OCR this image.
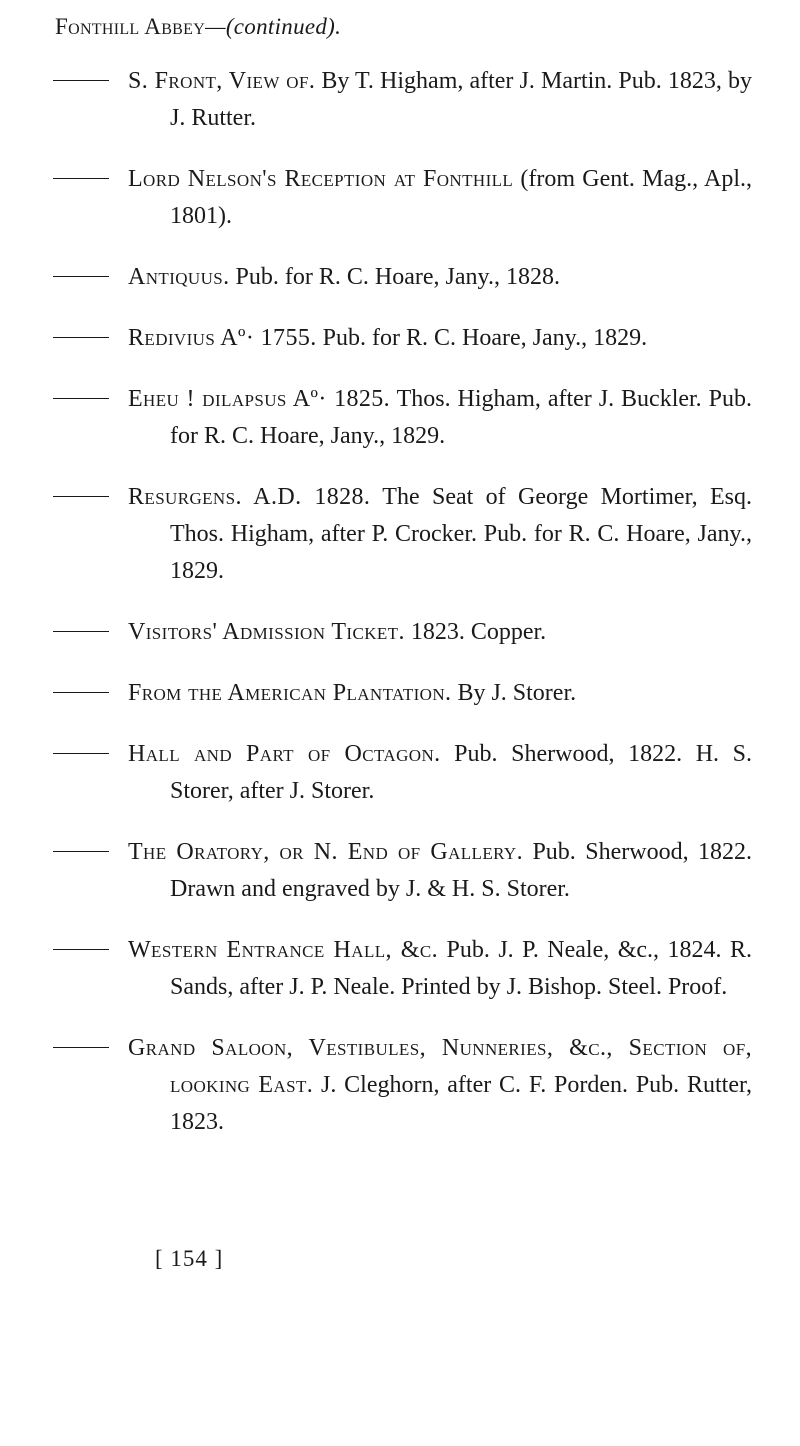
Fonthill Abbey—(continued).
S. Front, View of. By T. Higham, after J. Martin. Pub. 1823, by J. Rutter.
Lord Nelson's Reception at Fonthill (from Gent. Mag., Apl., 1801).
Antiquus. Pub. for R. C. Hoare, Jany., 1828.
Redivius Aº· 1755. Pub. for R. C. Hoare, Jany., 1829.
Eheu ! dilapsus Aº· 1825. Thos. Higham, after J. Buckler. Pub. for R. C. Hoare, Jany., 1829.
Resurgens. A.D. 1828. The Seat of George Mortimer, Esq. Thos. Higham, after P. Crocker. Pub. for R. C. Hoare, Jany., 1829.
Visitors' Admission Ticket. 1823. Copper.
From the American Plantation. By J. Storer.
Hall and Part of Octagon. Pub. Sherwood, 1822. H. S. Storer, after J. Storer.
The Oratory, or N. End of Gallery. Pub. Sherwood, 1822. Drawn and engraved by J. & H. S. Storer.
Western Entrance Hall, &c. Pub. J. P. Neale, &c., 1824. R. Sands, after J. P. Neale. Printed by J. Bishop. Steel. Proof.
Grand Saloon, Vestibules, Nunneries, &c., Section of, looking East. J. Cleghorn, after C. F. Porden. Pub. Rutter, 1823.
[ 154 ]
